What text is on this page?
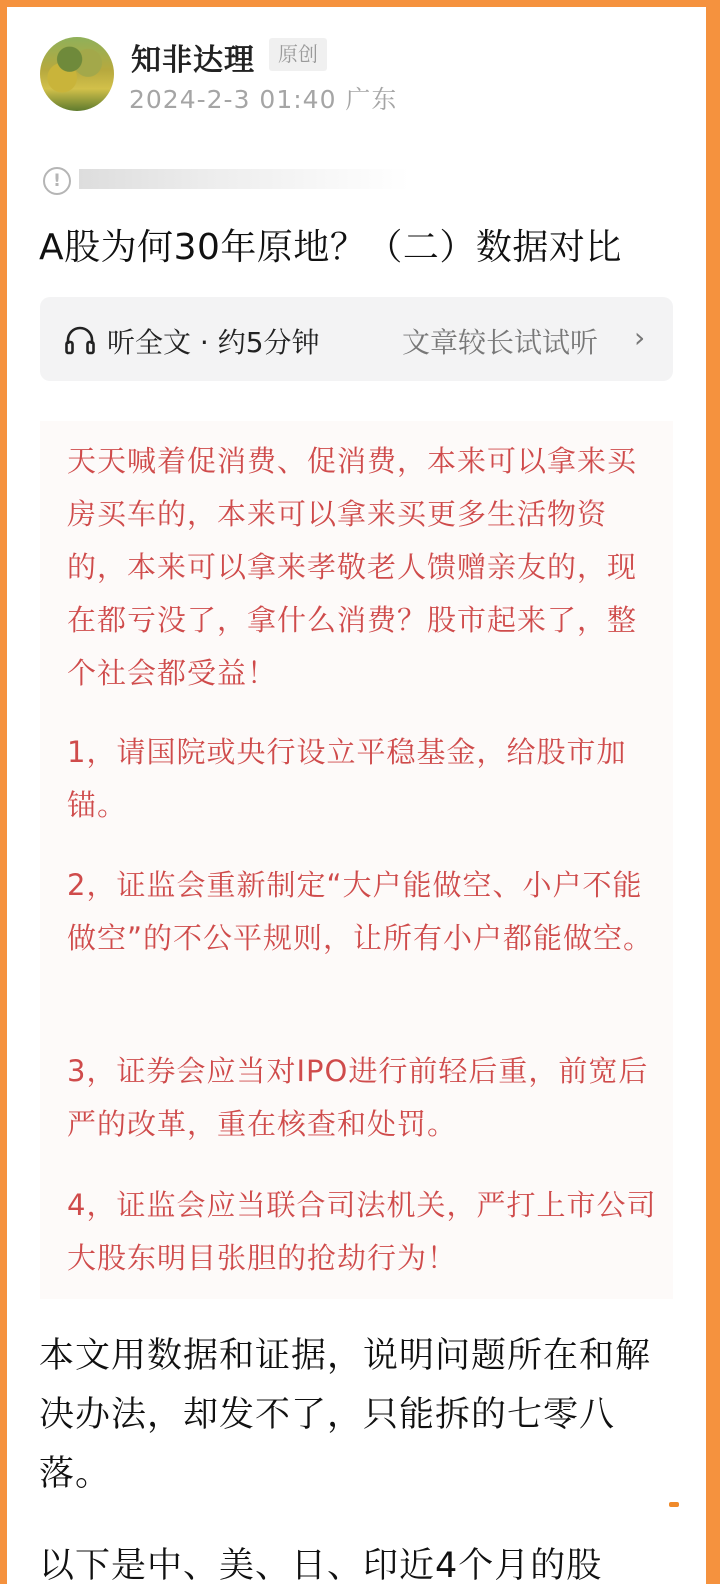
知非达理	原创
2024-2-3 01:40 广东
!
A股为何30年原地？（二）数据对比
听全文 · 约5分钟	文章较长试试听 ›
天天喊着促消费、促消费，本来可以拿来买房买车的，本来可以拿来买更多生活物资的，本来可以拿来孝敬老人馈赠亲友的，现在都亏没了，拿什么消费？股市起来了，整个社会都受益！
1，请国院或央行设立平稳基金，给股市加锚。
2，证监会重新制定“大户能做空、小户不能做空”的不公平规则，让所有小户都能做空。
3，证券会应当对IPO进行前轻后重，前宽后严的改革，重在核查和处罚。
4，证监会应当联合司法机关，严打上市公司大股东明目张胆的抢劫行为！
本文用数据和证据，说明问题所在和解决办法，却发不了，只能拆的七零八落。
以下是中、美、日、印近4个月的股
